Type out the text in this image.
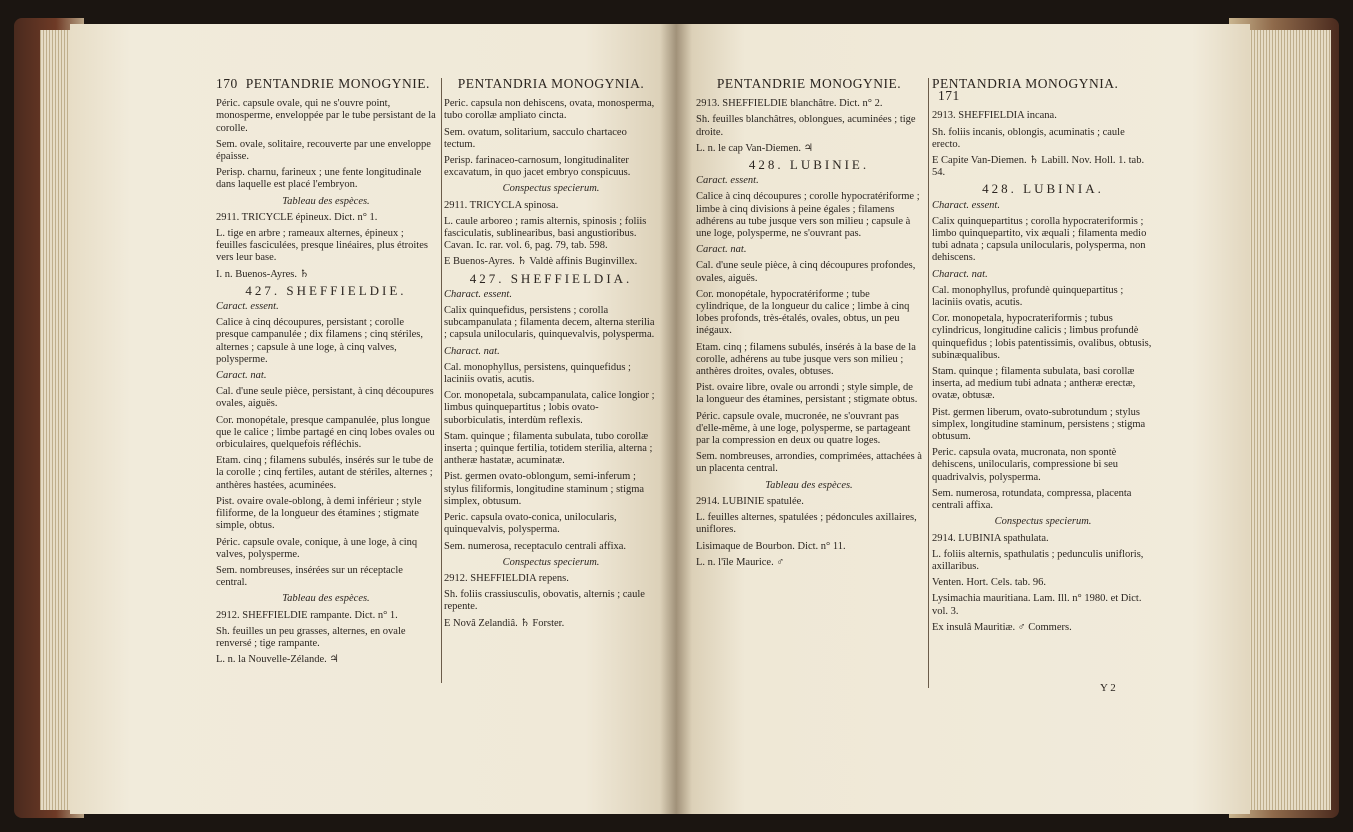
170 PENTANDRIE MONOGYNIE.

Péric. capsule ovale, qui ne s'ouvre point, monosperme, enveloppée par le tube persistant de la corolle.

Sem. ovale, solitaire, recouverte par une enveloppe épaisse.

Perisp. charnu, farineux ; une fente longitudinale dans laquelle est placé l'embryon.

Tableau des espèces.

2911. TRICYCLE épineux. Dict. n° 1.

L. tige en arbre ; rameaux alternes, épineux ; feuilles fasciculées, presque linéaires, plus étroites vers leur base.

I. n. Buenos-Ayres. ♄

427. SHEFFIELDIE.

Caract. essent.

Calice à cinq découpures, persistant ; corolle presque campanulée ; dix filamens ; cinq stériles, alternes ; capsule à une loge, à cinq valves, polysperme.

Caract. nat.

Cal. d'une seule pièce, persistant, à cinq découpures ovales, aiguës.

Cor. monopétale, presque campanulée, plus longue que le calice ; limbe partagé en cinq lobes ovales ou orbiculaires, quelquefois réfléchis.

Etam. cinq ; filamens subulés, insérés sur le tube de la corolle ; cinq fertiles, autant de stériles, alternes ; anthères hastées, acuminées.

Pist. ovaire ovale-oblong, à demi inférieur ; style filiforme, de la longueur des étamines ; stigmate simple, obtus.

Péric. capsule ovale, conique, à une loge, à cinq valves, polysperme.

Sem. nombreuses, insérées sur un réceptacle central.

Tableau des espèces.

2912. SHEFFIELDIE rampante. Dict. n° 1.

Sh. feuilles un peu grasses, alternes, en ovale renversé ; tige rampante.

L. n. la Nouvelle-Zélande. ♃

PENTANDRIA MONOGYNIA.

Peric. capsula non dehiscens, ovata, monosperma, tubo corollæ ampliato cincta.

Sem. ovatum, solitarium, sacculo chartaceo tectum.

Perisp. farinaceo-carnosum, longitudinaliter excavatum, in quo jacet embryo conspicuus.

Conspectus specierum.

2911. TRICYCLA spinosa.

L. caule arboreo ; ramis alternis, spinosis ; foliis fasciculatis, sublinearibus, basi angustioribus. Cavan. Ic. rar. vol. 6, pag. 79, tab. 598.

E Buenos-Ayres. ♄ Valdè affinis Buginvillex.

427. SHEFFIELDIA.

Charact. essent.

Calix quinquefidus, persistens ; corolla subcampanulata ; filamenta decem, alterna sterilia ; capsula unilocularis, quinquevalvis, polysperma.

Charact. nat.

Cal. monophyllus, persistens, quinquefidus ; laciniis ovatis, acutis.

Cor. monopetala, subcampanulata, calice longior ; limbus quinquepartitus ; lobis ovato-suborbiculatis, interdùm reflexis.

Stam. quinque ; filamenta subulata, tubo corollæ inserta ; quinque fertilia, totidem sterilia, alterna ; antheræ hastatæ, acuminatæ.

Pist. germen ovato-oblongum, semi-inferum ; stylus filiformis, longitudine staminum ; stigma simplex, obtusum.

Peric. capsula ovato-conica, unilocularis, quinquevalvis, polysperma.

Sem. numerosa, receptaculo centrali affixa.

Conspectus specierum.

2912. SHEFFIELDIA repens.

Sh. foliis crassiusculis, obovatis, alternis ; caule repente.

E Novâ Zelandiâ. ♄ Forster.

PENTANDRIE MONOGYNIE.

2913. SHEFFIELDIE blanchâtre. Dict. n° 2.

Sh. feuilles blanchâtres, oblongues, acuminées ; tige droite.

L. n. le cap Van-Diemen. ♃

428. LUBINIE.

Caract. essent.

Calice à cinq découpures ; corolle hypocratériforme ; limbe à cinq divisions à peine égales ; filamens adhérens au tube jusque vers son milieu ; capsule à une loge, polysperme, ne s'ouvrant pas.

Caract. nat.

Cal. d'une seule pièce, à cinq découpures profondes, ovales, aiguës.

Cor. monopétale, hypocratériforme ; tube cylindrique, de la longueur du calice ; limbe à cinq lobes profonds, très-étalés, ovales, obtus, un peu inégaux.

Etam. cinq ; filamens subulés, insérés à la base de la corolle, adhérens au tube jusque vers son milieu ; anthères droites, ovales, obtuses.

Pist. ovaire libre, ovale ou arrondi ; style simple, de la longueur des étamines, persistant ; stigmate obtus.

Péric. capsule ovale, mucronée, ne s'ouvrant pas d'elle-même, à une loge, polysperme, se partageant par la compression en deux ou quatre loges.

Sem. nombreuses, arrondies, comprimées, attachées à un placenta central.

Tableau des espèces.

2914. LUBINIE spatulée.

L. feuilles alternes, spatulées ; pédoncules axillaires, uniflores.

Lisimaque de Bourbon. Dict. n° 11.

L. n. l'île Maurice. ♂

PENTANDRIA MONOGYNIA. 171

2913. SHEFFIELDIA incana.

Sh. foliis incanis, oblongis, acuminatis ; caule erecto.

E Capite Van-Diemen. ♄ Labill. Nov. Holl. 1. tab. 54.

428. LUBINIA.

Charact. essent.

Calix quinquepartitus ; corolla hypocrateriformis ; limbo quinquepartito, vix æquali ; filamenta medio tubi adnata ; capsula unilocularis, polysperma, non dehiscens.

Charact. nat.

Cal. monophyllus, profundè quinquepartitus ; laciniis ovatis, acutis.

Cor. monopetala, hypocrateriformis ; tubus cylindricus, longitudine calicis ; limbus profundè quinquefidus ; lobis patentissimis, ovalibus, obtusis, subinæqualibus.

Stam. quinque ; filamenta subulata, basi corollæ inserta, ad medium tubi adnata ; antheræ erectæ, ovatæ, obtusæ.

Pist. germen liberum, ovato-subrotundum ; stylus simplex, longitudine staminum, persistens ; stigma obtusum.

Peric. capsula ovata, mucronata, non spontè dehiscens, unilocularis, compressione bi seu quadrivalvis, polysperma.

Sem. numerosa, rotundata, compressa, placenta centrali affixa.

Conspectus specierum.

2914. LUBINIA spathulata.

L. foliis alternis, spathulatis ; pedunculis unifloris, axillaribus.

Venten. Hort. Cels. tab. 96.

Lysimachia mauritiana. Lam. Ill. n° 1980. et Dict. vol. 3.

Ex insulâ Mauritiæ. ♂ Commers.

Y 2
